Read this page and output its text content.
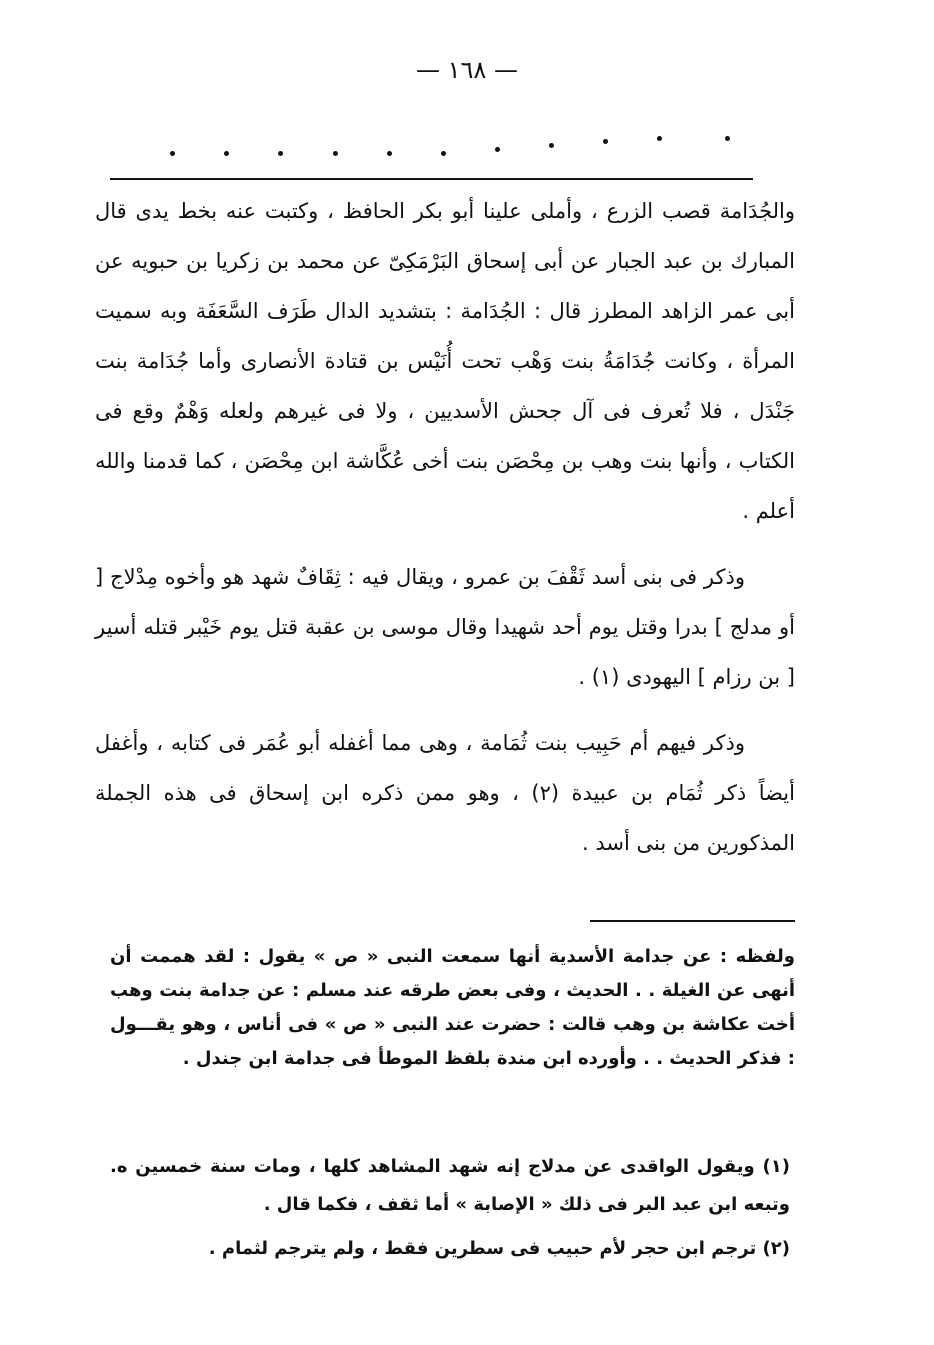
— ١٦٨ —

والجُدَامة قصب الزرع ، وأملى علينا أبو بكر الحافظ ، وكتبت عنه بخط يدى قال المبارك بن عبد الجبار عن أبى إسحاق البَرْمَكِىّ عن محمد بن زكريا بن حبويه عن أبى عمر الزاهد المطرز قال : الجُدَامة : بتشديد الدال طَرَف السَّعَفَة وبه سميت المرأة ، وكانت جُدَامَةُ بنت وَهْب تحت أُنَيْس بن قتادة الأنصارى وأما جُدَامة بنت جَنْدَل ، فلا تُعرف فى آل جحش الأسديين ، ولا فى غيرهم ولعله وَهْمٌ وقع فى الكتاب ، وأنها بنت وهب بن مِحْصَن بنت أخى عُكَّاشة ابن مِحْصَن ، كما قدمنا والله أعلم .

وذكر فى بنى أسد ثَقْفَ بن عمرو ، ويقال فيه : ثِقَافٌ شهد هو وأخوه مِدْلاج [ أو مدلج ] بدرا وقتل يوم أحد شهيدا وقال موسى بن عقبة قتل يوم خَيْبر قتله أسير [ بن رزام ] اليهودى (١) .

وذكر فيهم أم حَبِيب بنت ثُمَامة ، وهى مما أغفله أبو عُمَر فى كتابه ، وأغفل أيضاً ذكر ثُمَام بن عبيدة (٢) ، وهو ممن ذكره ابن إسحاق فى هذه الجملة المذكورين من بنى أسد .

ولفظه : عن جدامة الأسدية أنها سمعت النبى « ص » يقول : لقد هممت أن أنهى عن الغيلة . . الحديث ، وفى بعض طرقه عند مسلم : عن جدامة بنت وهب أخت عكاشة بن وهب قالت : حضرت عند النبى « ص » فى أناس ، وهو يقـــول : فذكر الحديث . . وأورده ابن مندة بلفظ الموطأ فى جدامة ابن جندل .

(١) ويقول الواقدى عن مدلاج إنه شهد المشاهد كلها ، ومات سنة خمسين ه. وتبعه ابن عبد البر فى ذلك « الإصابة » أما ثقف ، فكما قال .

(٢) ترجم ابن حجر لأم حبيب فى سطرين فقط ، ولم يترجم لثمام .
